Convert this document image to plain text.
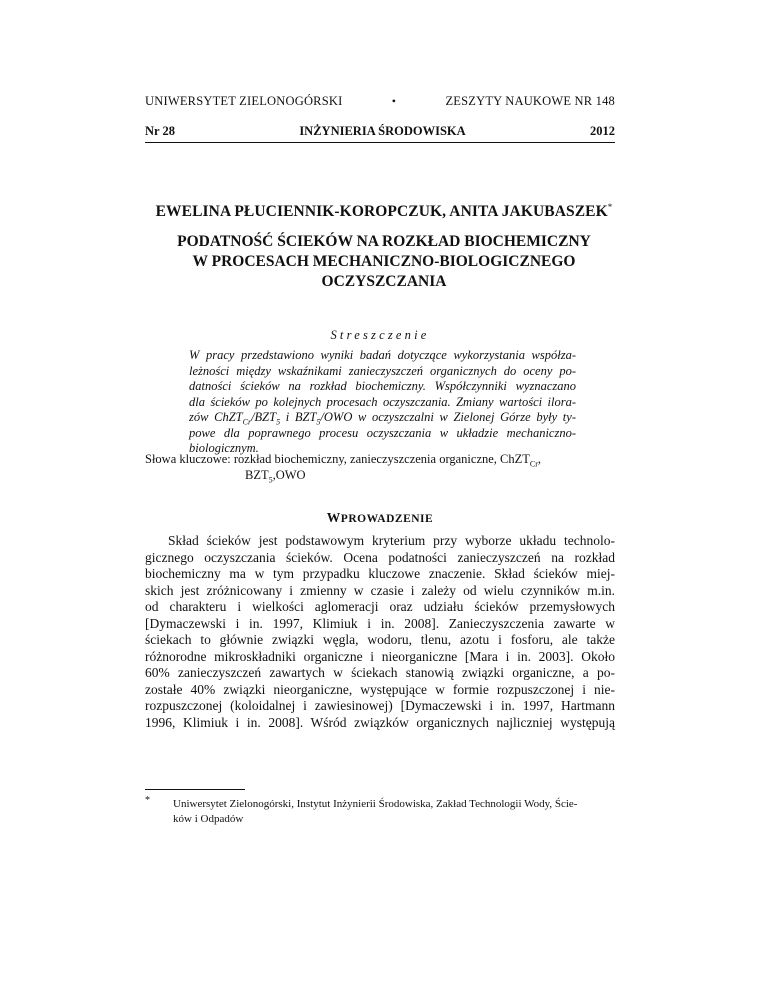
UNIWERSYTET ZIELONOGÓRSKI	•	ZESZYTY NAUKOWE NR 148
Nr 28	INŻYNIERIA ŚRODOWISKA	2012
EWELINA PŁUCIENNIK-KOROPCZUK, ANITA JAKUBASZEK*
PODATNOŚĆ ŚCIEKÓW NA ROZKŁAD BIOCHEMICZNY
W PROCESACH MECHANICZNO-BIOLOGICZNEGO
OCZYSZCZANIA
Streszczenie
W pracy przedstawiono wyniki badań dotyczące wykorzystania współza-
leżności między wskaźnikami zanieczyszczeń organicznych do oceny po-
datności ścieków na rozkład biochemiczny. Współczynniki wyznaczano
dla ścieków po kolejnych procesach oczyszczania. Zmiany wartości ilora-
zów $ChZT_{Cr}/BZT_5$ i $BZT_5$/OWO w oczyszczalni w Zielonej Górze były ty-
powe dla poprawnego procesu oczyszczania w układzie mechaniczno-
biologicznym.
Słowa kluczowe: rozkład biochemiczny, zanieczyszczenia organiczne, ChZT$_{Cr}$,
$BZT_5,OWO$
WPROWADZENIE
Skład ścieków jest podstawowym kryterium przy wyborze układu technolo-
gicznego oczyszczania ścieków. Ocena podatności zanieczyszczeń na rozkład
biochemiczny ma w tym przypadku kluczowe znaczenie. Skład ścieków miej-
skich jest zróżnicowany i zmienny w czasie i zależy od wielu czynników m.in.
od charakteru i wielkości aglomeracji oraz udziału ścieków przemysłowych
[Dymaczewski i in. 1997, Klimiuk i in. 2008]. Zanieczyszczenia zawarte w
ściekach to głównie związki węgla, wodoru, tlenu, azotu i fosforu, ale także
różnorodne mikroskładniki organiczne i nieorganiczne [Mara i in. 2003]. Około
60% zanieczyszczeń zawartych w ściekach stanowią związki organiczne, a po-
zostałe 40% związki nieorganiczne, występujące w formie rozpuszczonej i nie-
rozpuszczonej (koloidalnej i zawiesinowej) [Dymaczewski i in. 1997, Hartmann
1996, Klimiuk i in. 2008]. Wśród związków organicznych najliczniej występują
* Uniwersytet Zielonogórski, Instytut Inżynierii Środowiska, Zakład Technologii Wody, Ście-
ków i Odpadów
